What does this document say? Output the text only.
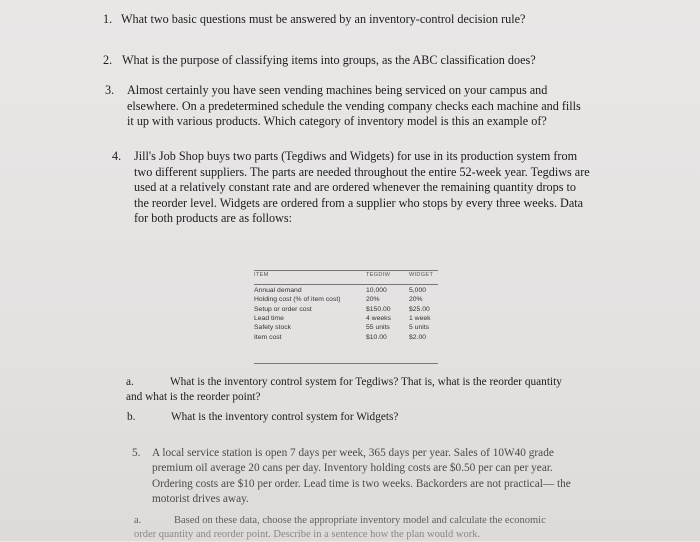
1. What two basic questions must be answered by an inventory-control decision rule?
2. What is the purpose of classifying items into groups, as the ABC classification does?
3. Almost certainly you have seen vending machines being serviced on your campus and
elsewhere. On a predetermined schedule the vending company checks each machine and fills
it up with various products. Which category of inventory model is this an example of?
4. Jill's Job Shop buys two parts (Tegdiws and Widgets) for use in its production system from
two different suppliers. The parts are needed throughout the entire 52-week year. Tegdiws are
used at a relatively constant rate and are ordered whenever the remaining quantity drops to
the reorder level. Widgets are ordered from a supplier who stops by every three weeks. Data
for both products are as follows:
ITEM	TEGDIW	WIDGET
Annual demand	10,000	5,000
Holding cost (% of item cost)	20%	20%
Setup or order cost	$150.00	$25.00
Lead time	4 weeks	1 week
Safety stock	55 units	5 units
Item cost	$10.00	$2.00
a.	What is the inventory control system for Tegdiws? That is, what is the reorder quantity
and what is the reorder point?
b.	What is the inventory control system for Widgets?
5. A local service station is open 7 days per week, 365 days per year. Sales of 10W40 grade
premium oil average 20 cans per day. Inventory holding costs are $0.50 per can per year.
Ordering costs are $10 per order. Lead time is two weeks. Backorders are not practical— the
motorist drives away.
a.	Based on these data, choose the appropriate inventory model and calculate the economic
order quantity and reorder point. Describe in a sentence how the plan would work.
